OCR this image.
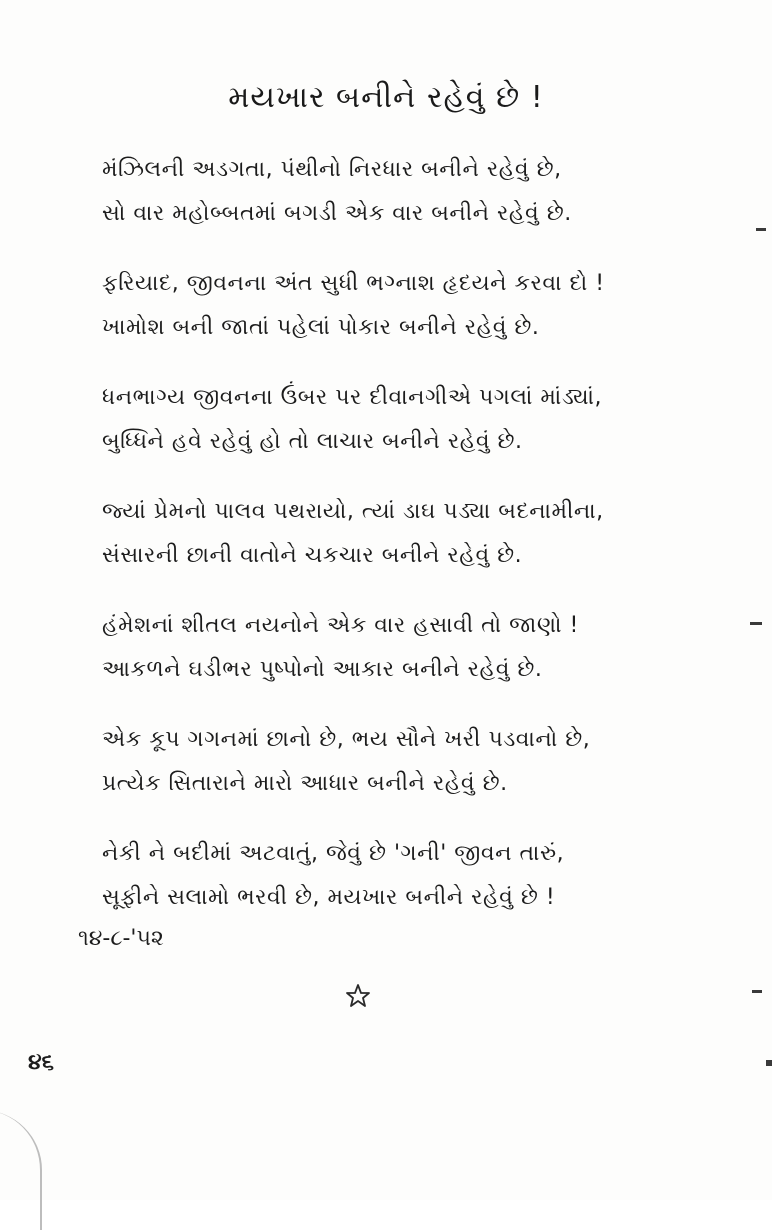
મયખાર બનીને રહેવું છે !
મંઝિલની અડગતા, પંથીનો નિરધાર બનીને રહેવું છે,
સો વાર મહોબ્બતમાં બગડી એક વાર બનીને રહેવું છે.
ફરિયાદ, જીવનના અંત સુધી ભગ્નાશ હૃદયને કરવા દો !
ખામોશ બની જાતાં પહેલાં પોકાર બનીને રહેવું છે.
ધનભાગ્ય જીવનના ઉંબર પર દીવાનગીએ પગલાં માંડ્યાં,
બુધ્ધિને હવે રહેવું હો તો લાચાર બનીને રહેવું છે.
જ્યાં પ્રેમનો પાલવ પથરાયો, ત્યાં ડાઘ પડ્યા બદનામીના,
સંસારની છાની વાતોને ચકચાર બનીને રહેવું છે.
હંમેશનાં શીતલ નયનોને એક વાર હસાવી તો જાણો !
આકળને ઘડીભર પુષ્પોનો આકાર બનીને રહેવું છે.
એક કૂપ ગગનમાં છાનો છે, ભય સૌને ખરી પડવાનો છે,
પ્રત્યેક સિતારાને મારો આધાર બનીને રહેવું છે.
નેકી ને બદીમાં અટવાતું, જેવું છે 'ગની' જીવન તારું,
સૂફીને સલામો ભરવી છે, મયખાર બનીને રહેવું છે !
૧૪-૮-'૫૨
૪૬
